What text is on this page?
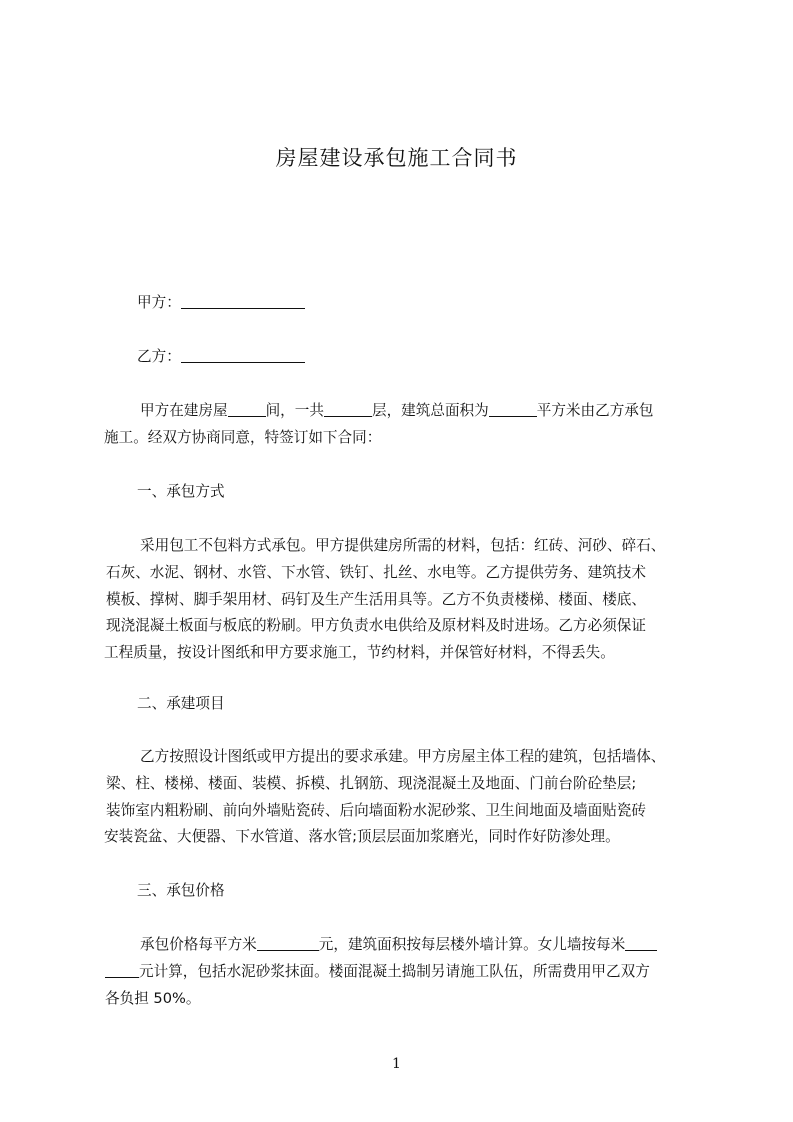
房屋建设承包施工合同书
甲方：
乙方：
甲方在建房屋	间，一共	层，建筑总面积为	平方米由乙方承包
施工。经双方协商同意，特签订如下合同：
一、承包方式
采用包工不包料方式承包。甲方提供建房所需的材料，包括：红砖、河砂、碎石、
石灰、水泥、钢材、水管、下水管、铁钉、扎丝、水电等。乙方提供劳务、建筑技术
模板、撑树、脚手架用材、码钉及生产生活用具等。乙方不负责楼梯、楼面、楼底、
现浇混凝土板面与板底的粉刷。甲方负责水电供给及原材料及时进场。乙方必须保证
工程质量，按设计图纸和甲方要求施工，节约材料，并保管好材料，不得丢失。
二、承建项目
乙方按照设计图纸或甲方提出的要求承建。甲方房屋主体工程的建筑，包括墙体、
梁、柱、楼梯、楼面、装模、拆模、扎钢筋、现浇混凝土及地面、门前台阶砼垫层;
装饰室内粗粉刷、前向外墙贴瓷砖、后向墙面粉水泥砂浆、卫生间地面及墙面贴瓷砖
安装瓷盆、大便器、下水管道、落水管;顶层层面加浆磨光，同时作好防渗处理。
三、承包价格
承包价格每平方米	元，建筑面积按每层楼外墙计算。女儿墙按每米
元计算，包括水泥砂浆抹面。楼面混凝土捣制另请施工队伍，所需费用甲乙双方
各负担 50%。
1
